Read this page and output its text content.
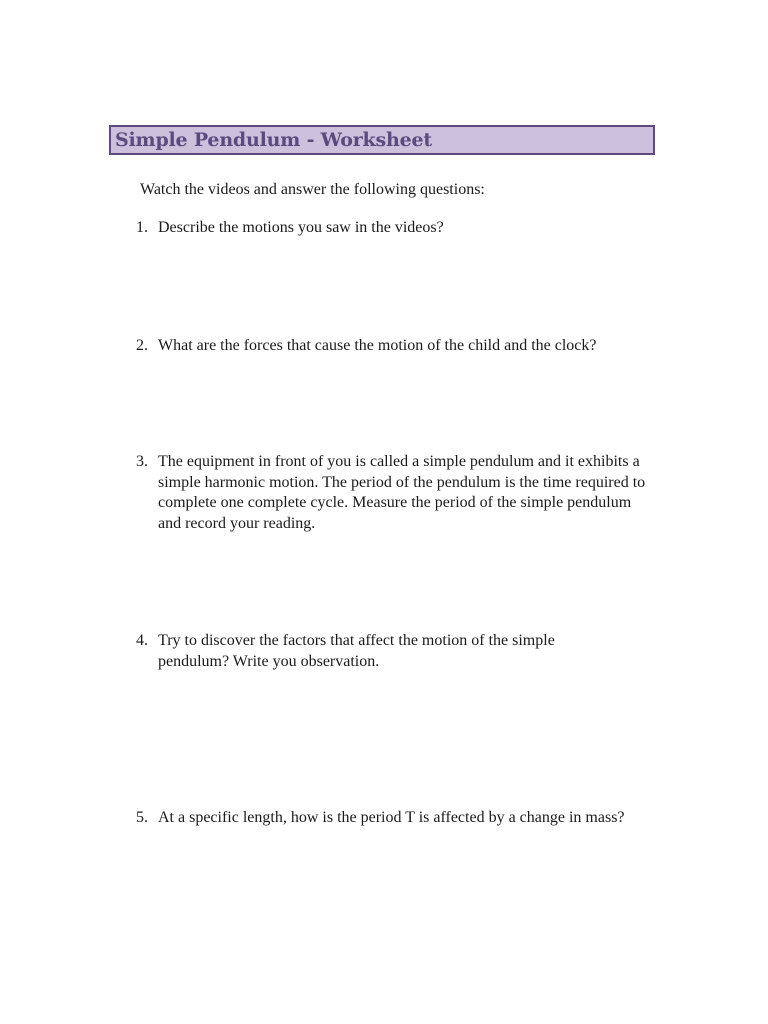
Simple Pendulum - Worksheet
Watch the videos and answer the following questions:
1. Describe the motions you saw in the videos?
2. What are the forces that cause the motion of the child and the clock?
3. The equipment in front of you is called a simple pendulum and it exhibits a simple harmonic motion. The period of the pendulum is the time required to complete one complete cycle. Measure the period of the simple pendulum and record your reading.
4. Try to discover the factors that affect the motion of the simple pendulum? Write you observation.
5. At a specific length, how is the period T is affected by a change in mass?
